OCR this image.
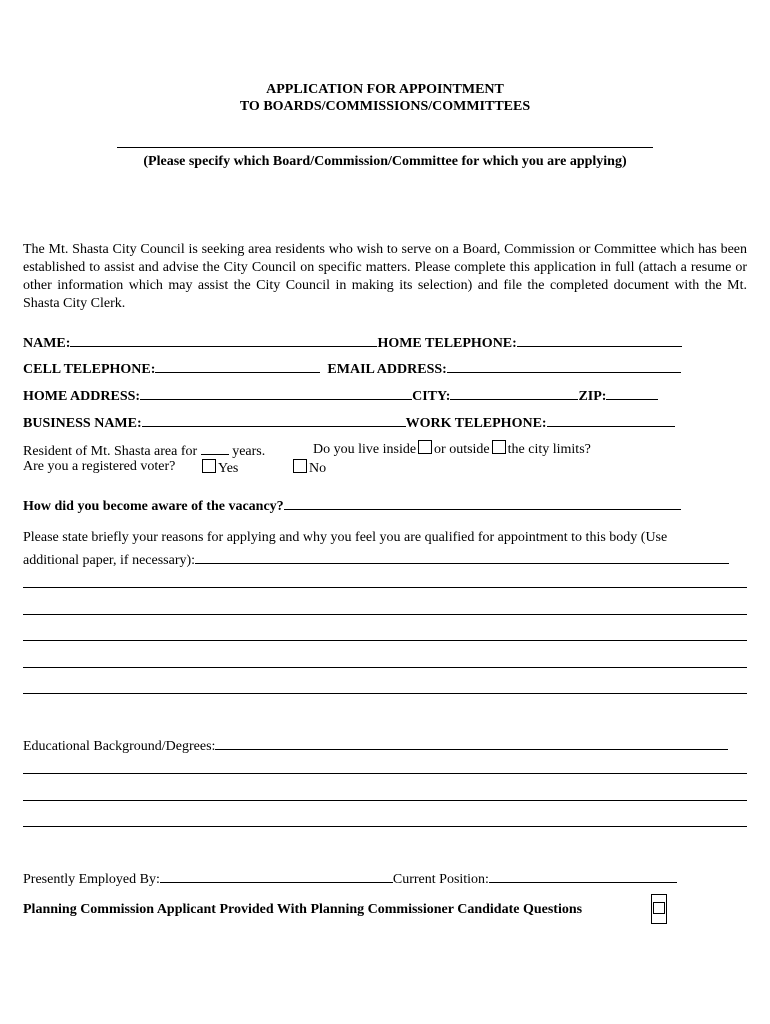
APPLICATION FOR APPOINTMENT
TO BOARDS/COMMISSIONS/COMMITTEES
(Please specify which Board/Commission/Committee for which you are applying)
The Mt. Shasta City Council is seeking area residents who wish to serve on a Board, Commission or Committee which has been established to assist and advise the City Council on specific matters. Please complete this application in full (attach a resume or other information which may assist the City Council in making its selection) and file the completed document with the Mt. Shasta City Clerk.
NAME:	HOME TELEPHONE:
CELL TELEPHONE:	EMAIL ADDRESS:
HOME ADDRESS:	CITY:	ZIP:
BUSINESS NAME:	WORK TELEPHONE:
Resident of Mt. Shasta area for	years.	Do you live inside or outside the city limits?
Are you a registered voter?	Yes	No
How did you become aware of the vacancy?
Please state briefly your reasons for applying and why you feel you are qualified for appointment to this body (Use
additional paper, if necessary):
Educational Background/Degrees:
Presently Employed By:	Current Position:
Planning Commission Applicant Provided With Planning Commissioner Candidate Questions
